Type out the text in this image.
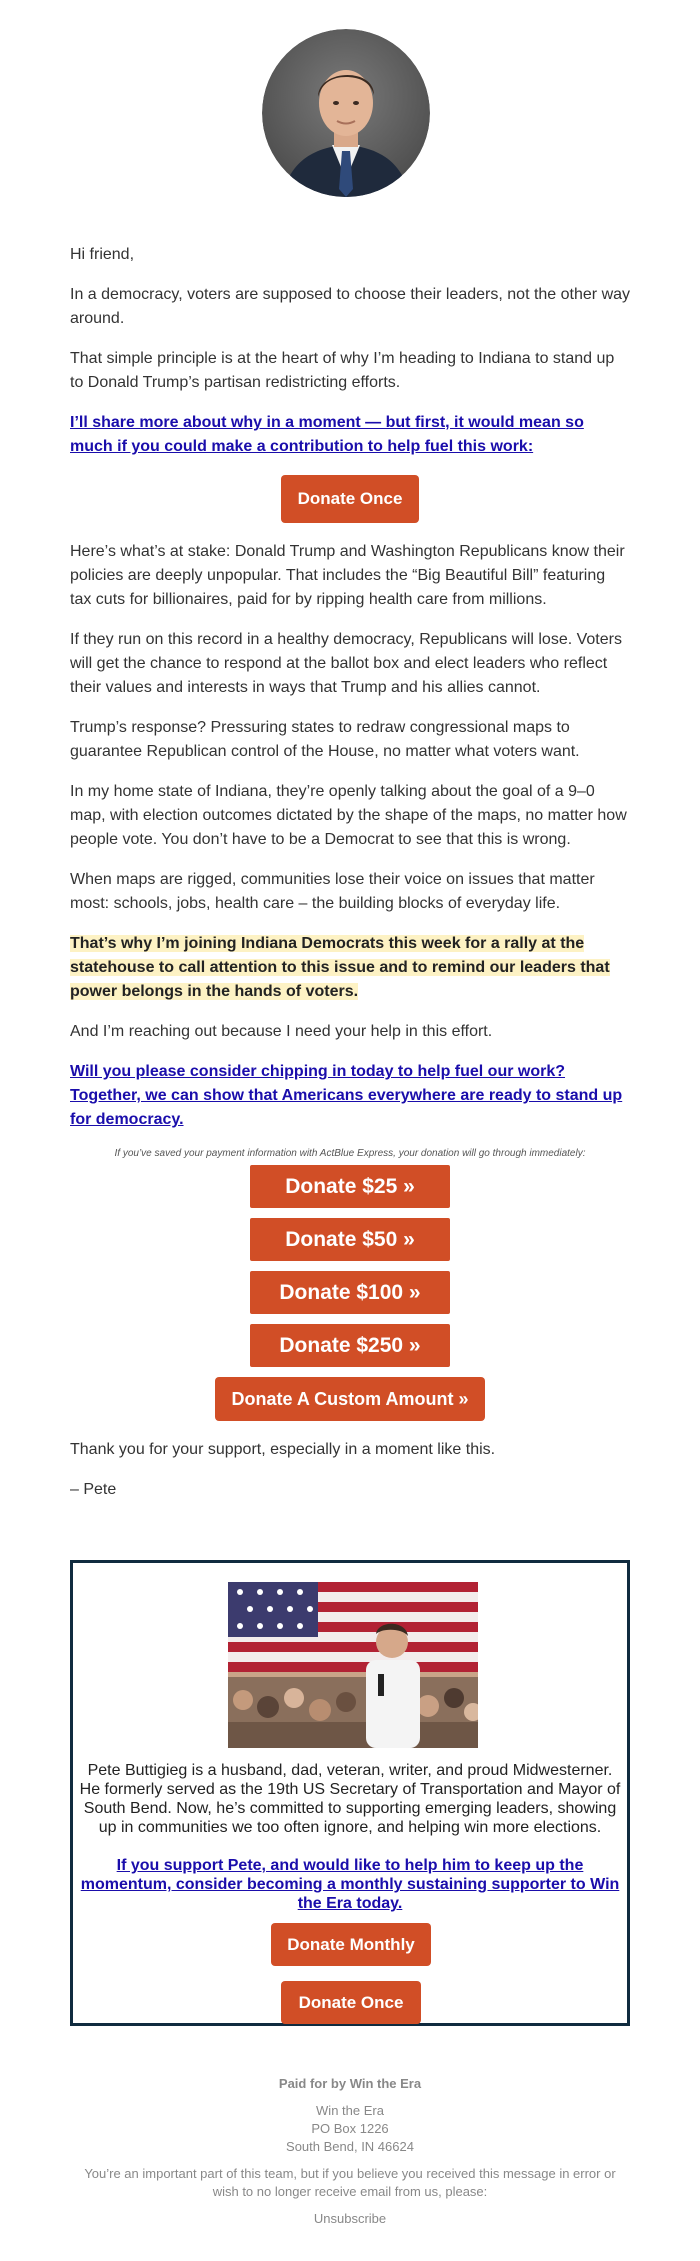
Hi friend,

In a democracy, voters are supposed to choose their leaders, not the other way around.

That simple principle is at the heart of why I’m heading to Indiana to stand up to Donald Trump’s partisan redistricting efforts.

I’ll share more about why in a moment — but first, it would mean so much if you could make a contribution to help fuel this work:
Donate Once

Here’s what’s at stake: Donald Trump and Washington Republicans know their policies are deeply unpopular. That includes the “Big Beautiful Bill” featuring tax cuts for billionaires, paid for by ripping health care from millions.

If they run on this record in a healthy democracy, Republicans will lose. Voters will get the chance to respond at the ballot box and elect leaders who reflect their values and interests in ways that Trump and his allies cannot.

Trump’s response? Pressuring states to redraw congressional maps to guarantee Republican control of the House, no matter what voters want.

In my home state of Indiana, they’re openly talking about the goal of a 9–0 map, with election outcomes dictated by the shape of the maps, no matter how people vote. You don’t have to be a Democrat to see that this is wrong.

When maps are rigged, communities lose their voice on issues that matter most: schools, jobs, health care – the building blocks of everyday life.

That’s why I’m joining Indiana Democrats this week for a rally at the statehouse to call attention to this issue and to remind our leaders that power belongs in the hands of voters.

And I’m reaching out because I need your help in this effort.

Will you please consider chipping in today to help fuel our work? Together, we can show that Americans everywhere are ready to stand up for democracy.
If you’ve saved your payment information with ActBlue Express, your donation will go through immediately:
Donate $25 »
Donate $50 »
Donate $100 »
Donate $250 »
Donate A Custom Amount »

Thank you for your support, especially in a moment like this.

– Pete

Pete Buttigieg is a husband, dad, veteran, writer, and proud Midwesterner. He formerly served as the 19th US Secretary of Transportation and Mayor of South Bend. Now, he’s committed to supporting emerging leaders, showing up in communities we too often ignore, and helping win more elections.

If you support Pete, and would like to help him to keep up the momentum, consider becoming a monthly sustaining supporter to Win the Era today.
Donate Monthly
Donate Once
Paid for by Win the Era
Win the Era
PO Box 1226
South Bend, IN 46624
You’re an important part of this team, but if you believe you received this message in error or wish to no longer receive email from us, please:
Unsubscribe
